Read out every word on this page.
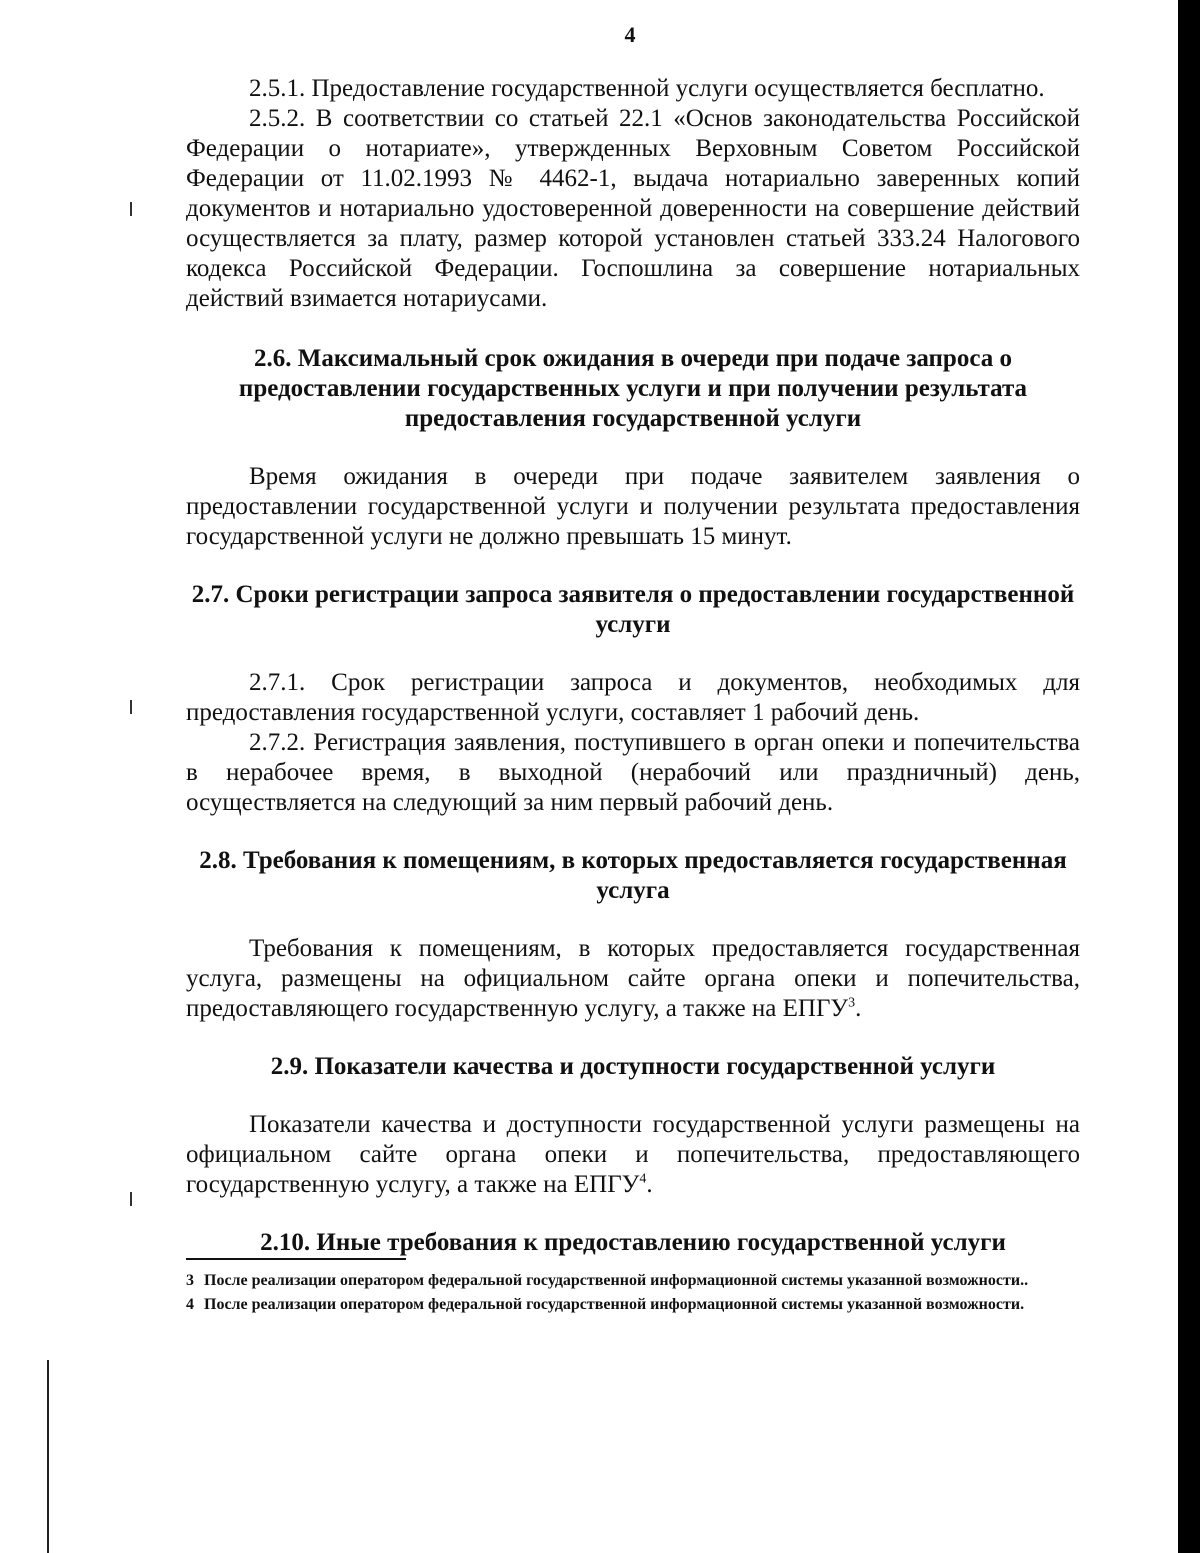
4

2.5.1. Предоставление государственной услуги осуществляется бесплатно.

2.5.2. В соответствии со статьей 22.1 «Основ законодательства Российской Федерации о нотариате», утвержденных Верховным Советом Российской Федерации от 11.02.1993 № 4462-1, выдача нотариально заверенных копий документов и нотариально удостоверенной доверенности на совершение действий осуществляется за плату, размер которой установлен статьей 333.24 Налогового кодекса Российской Федерации. Госпошлина за совершение нотариальных действий взимается нотариусами.

2.6. Максимальный срок ожидания в очереди при подаче запроса о предоставлении государственных услуги и при получении результата предоставления государственной услуги

Время ожидания в очереди при подаче заявителем заявления о предоставлении государственной услуги и получении результата предоставления государственной услуги не должно превышать 15 минут.

2.7. Сроки регистрации запроса заявителя о предоставлении государственной услуги

2.7.1. Срок регистрации запроса и документов, необходимых для предоставления государственной услуги, составляет 1 рабочий день.

2.7.2. Регистрация заявления, поступившего в орган опеки и попечительства в нерабочее время, в выходной (нерабочий или праздничный) день, осуществляется на следующий за ним первый рабочий день.

2.8. Требования к помещениям, в которых предоставляется государственная услуга

Требования к помещениям, в которых предоставляется государственная услуга, размещены на официальном сайте органа опеки и попечительства, предоставляющего государственную услугу, а также на ЕПГУ$^3$.

2.9. Показатели качества и доступности государственной услуги

Показатели качества и доступности государственной услуги размещены на официальном сайте органа опеки и попечительства, предоставляющего государственную услугу, а также на ЕПГУ$^4$.

2.10. Иные требования к предоставлению государственной услуги

3 После реализации оператором федеральной государственной информационной системы указанной возможности..

4 После реализации оператором федеральной государственной информационной системы указанной возможности.
